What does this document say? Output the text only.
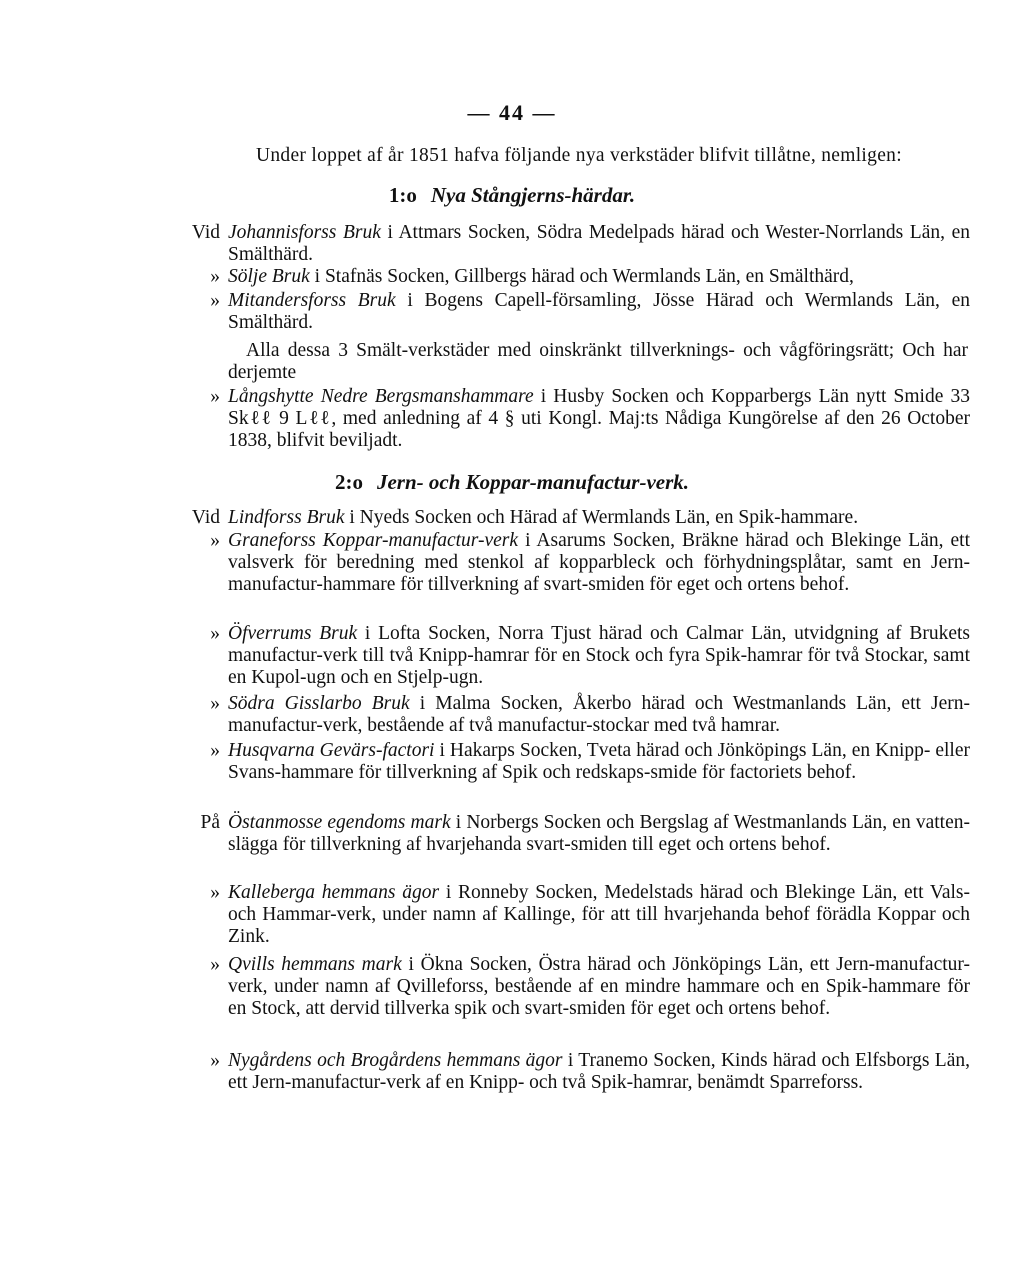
— 44 —
Under loppet af år 1851 hafva följande nya verkstäder blifvit tillåtne, nemligen:
1:o Nya Stångjerns-härdar.
Vid Johannisforss Bruk i Attmars Socken, Södra Medelpads härad och Wester-Norrlands Län, en Smälthärd.
» Sölje Bruk i Stafnäs Socken, Gillbergs härad och Wermlands Län, en Smälthärd,
» Mitandersforss Bruk i Bogens Capell-församling, Jösse Härad och Wermlands Län, en Smälthärd.
Alla dessa 3 Smält-verkstäder med oinskränkt tillverknings- och vågföringsrätt; Och har derjemte
» Långshytte Nedre Bergsmanshammare i Husby Socken och Kopparbergs Län nytt Smide 33 Skℓℓ 9 Lℓℓ, med anledning af 4 § uti Kongl. Maj:ts Nådiga Kungörelse af den 26 October 1838, blifvit beviljadt.
2:o Jern- och Koppar-manufactur-verk.
Vid Lindforss Bruk i Nyeds Socken och Härad af Wermlands Län, en Spik-hammare.
» Graneforss Koppar-manufactur-verk i Asarums Socken, Bräkne härad och Blekinge Län, ett valsverk för beredning med stenkol af kopparbleck och förhydningsplåtar, samt en Jern-manufactur-hammare för tillverkning af svart-smiden för eget och ortens behof.
» Öfverrums Bruk i Lofta Socken, Norra Tjust härad och Calmar Län, utvidgning af Brukets manufactur-verk till två Knipp-hamrar för en Stock och fyra Spik-hamrar för två Stockar, samt en Kupol-ugn och en Stjelp-ugn.
» Södra Gisslarbo Bruk i Malma Socken, Åkerbo härad och Westmanlands Län, ett Jern-manufactur-verk, bestående af två manufactur-stockar med två hamrar.
» Husqvarna Gevärs-factori i Hakarps Socken, Tveta härad och Jönköpings Län, en Knipp- eller Svans-hammare för tillverkning af Spik och redskaps-smide för factoriets behof.
På Östanmosse egendoms mark i Norbergs Socken och Bergslag af Westmanlands Län, en vatten-slägga för tillverkning af hvarjehanda svart-smiden till eget och ortens behof.
» Kalleberga hemmans ägor i Ronneby Socken, Medelstads härad och Blekinge Län, ett Vals- och Hammar-verk, under namn af Kallinge, för att till hvarjehanda behof förädla Koppar och Zink.
» Qvills hemmans mark i Ökna Socken, Östra härad och Jönköpings Län, ett Jern-manufactur-verk, under namn af Qvilleforss, bestående af en mindre hammare och en Spik-hammare för en Stock, att dervid tillverka spik och svart-smiden för eget och ortens behof.
» Nygårdens och Brogårdens hemmans ägor i Tranemo Socken, Kinds härad och Elfsborgs Län, ett Jern-manufactur-verk af en Knipp- och två Spik-hamrar, benämdt Sparreforss.
